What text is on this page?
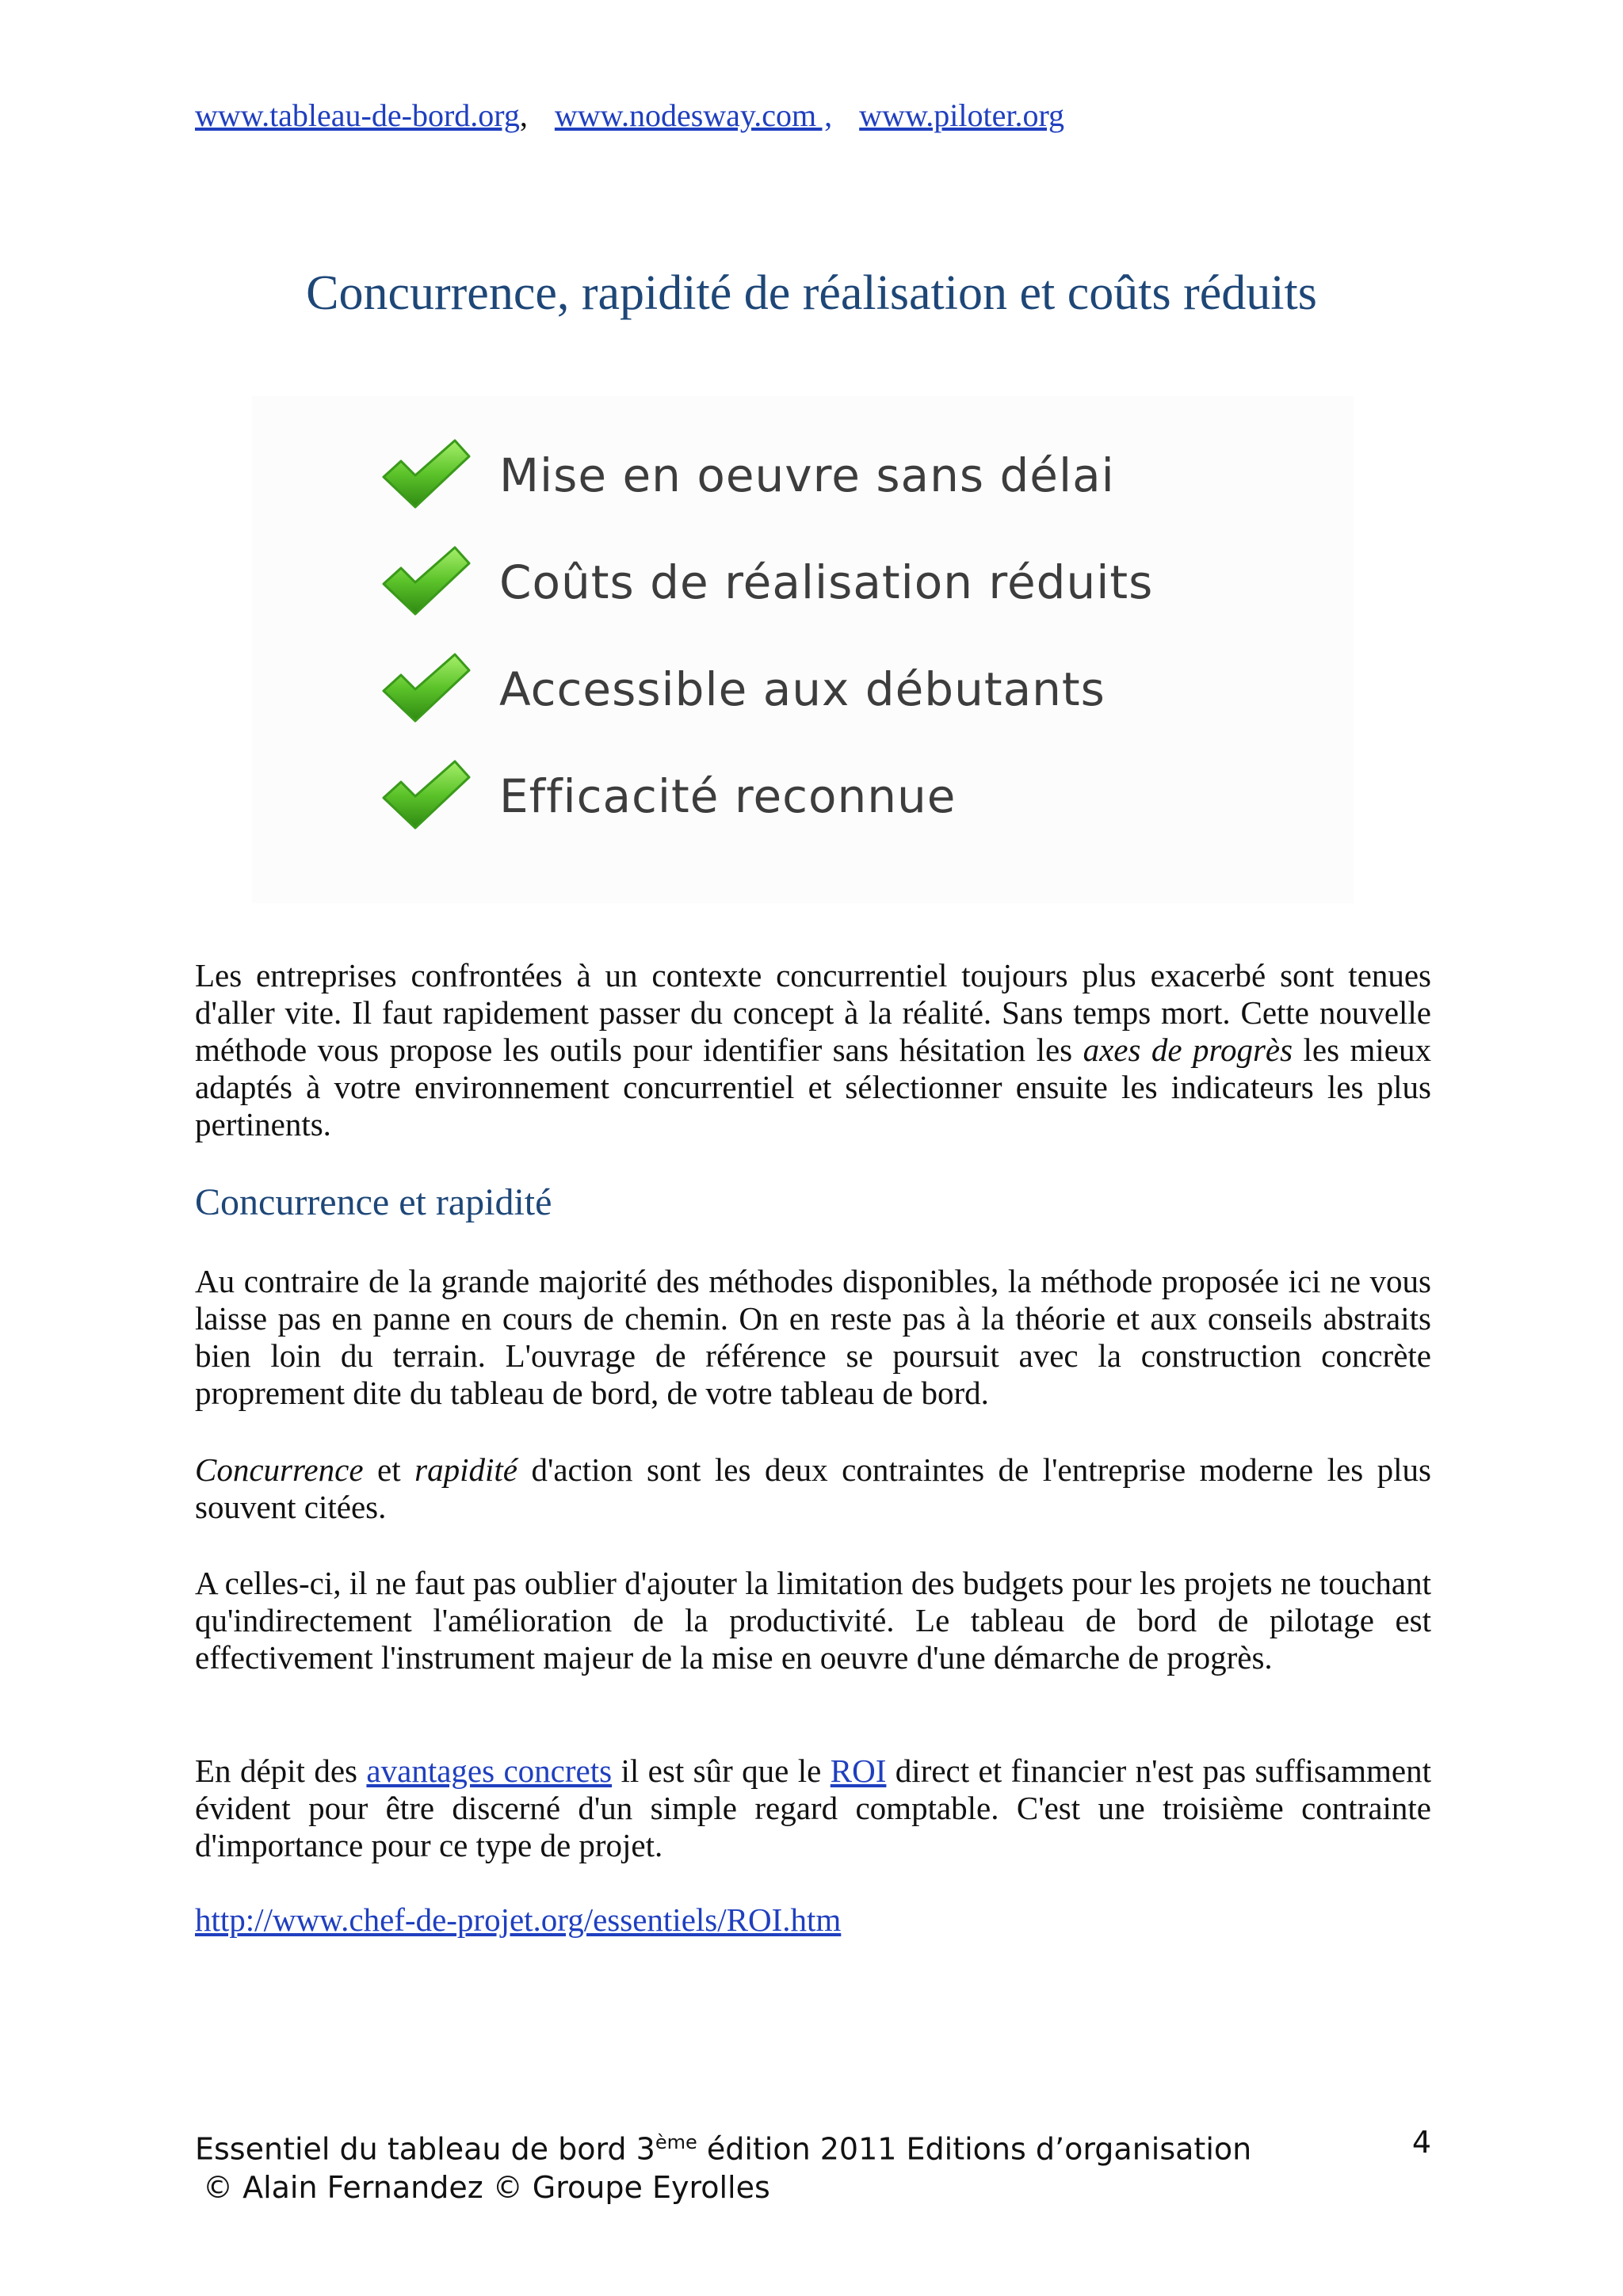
www.tableau-de-bord.org, www.nodesway.com , www.piloter.org
Concurrence, rapidité de réalisation et coûts réduits
Mise en oeuvre sans délai
Coûts de réalisation réduits
Accessible aux débutants
Efficacité reconnue

Les entreprises confrontées à un contexte concurrentiel toujours plus exacerbé sont tenues d'aller vite. Il faut rapidement passer du concept à la réalité. Sans temps mort. Cette nouvelle méthode vous propose les outils pour identifier sans hésitation les axes de progrès les mieux adaptés à votre environnement concurrentiel et sélectionner ensuite les indicateurs les plus pertinents.

Concurrence et rapidité

Au contraire de la grande majorité des méthodes disponibles, la méthode proposée ici ne vous laisse pas en panne en cours de chemin. On en reste pas à la théorie et aux conseils abstraits bien loin du terrain. L'ouvrage de référence se poursuit avec la construction concrète proprement dite du tableau de bord, de votre tableau de bord.

Concurrence et rapidité d'action sont les deux contraintes de l'entreprise moderne les plus souvent citées.

A celles-ci, il ne faut pas oublier d'ajouter la limitation des budgets pour les projets ne touchant qu'indirectement l'amélioration de la productivité. Le tableau de bord de pilotage est effectivement l'instrument majeur de la mise en oeuvre d'une démarche de progrès.

En dépit des avantages concrets il est sûr que le ROI direct et financier n'est pas suffisamment évident pour être discerné d'un simple regard comptable. C'est une troisième contrainte d'importance pour ce type de projet.

http://www.chef-de-projet.org/essentiels/ROI.htm

Essentiel du tableau de bord 3ème édition 2011 Editions d’organisation
© Alain Fernandez © Groupe Eyrolles
4
